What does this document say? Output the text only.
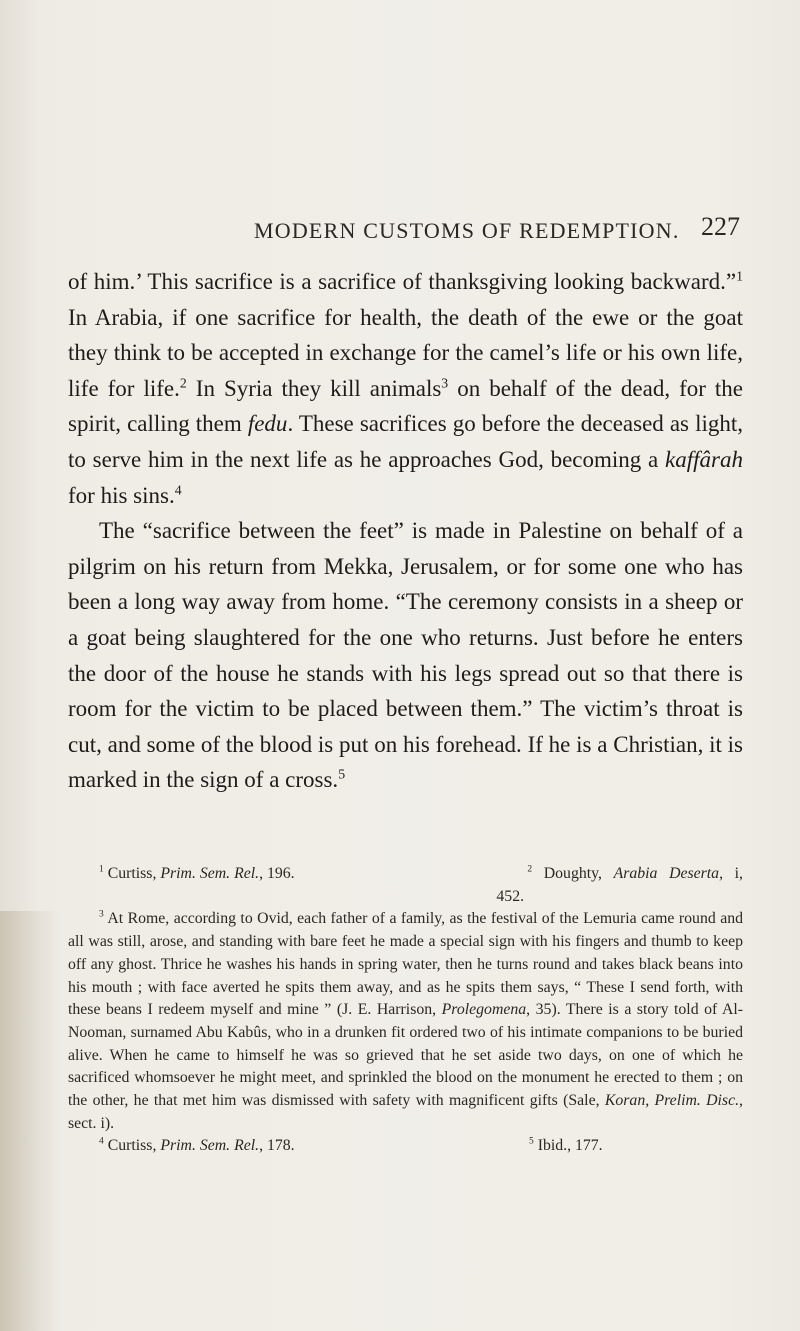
MODERN CUSTOMS OF REDEMPTION. 227

of him.’ This sacrifice is a sacrifice of thanksgiving looking backward.”$^1$ In Arabia, if one sacrifice for health, the death of the ewe or the goat they think to be accepted in exchange for the camel’s life or his own life, life for life.$^2$ In Syria they kill animals$^3$ on behalf of the dead, for the spirit, calling them fedu. These sacrifices go before the deceased as light, to serve him in the next life as he approaches God, becoming a kaffârah for his sins.$^4$

The “sacrifice between the feet” is made in Palestine on behalf of a pilgrim on his return from Mekka, Jerusalem, or for some one who has been a long way away from home. “The ceremony consists in a sheep or a goat being slaughtered for the one who returns. Just before he enters the door of the house he stands with his legs spread out so that there is room for the victim to be placed between them.” The victim’s throat is cut, and some of the blood is put on his forehead. If he is a Christian, it is marked in the sign of a cross.$^5$

$^1$ Curtiss, Prim. Sem. Rel., 196.	$^2$ Doughty, Arabia Deserta, i, 452.

$^3$ At Rome, according to Ovid, each father of a family, as the festival of the Lemuria came round and all was still, arose, and standing with bare feet he made a special sign with his fingers and thumb to keep off any ghost. Thrice he washes his hands in spring water, then he turns round and takes black beans into his mouth ; with face averted he spits them away, and as he spits them says, “ These I send forth, with these beans I redeem myself and mine ” (J. E. Harrison, Prolegomena, 35). There is a story told of Al-Nooman, surnamed Abu Kabûs, who in a drunken fit ordered two of his intimate companions to be buried alive. When he came to himself he was so grieved that he set aside two days, on one of which he sacrificed whomsoever he might meet, and sprinkled the blood on the monument he erected to them ; on the other, he that met him was dismissed with safety with magnificent gifts (Sale, Koran, Prelim. Disc., sect. i).

$^4$ Curtiss, Prim. Sem. Rel., 178.	$^5$ Ibid., 177.
